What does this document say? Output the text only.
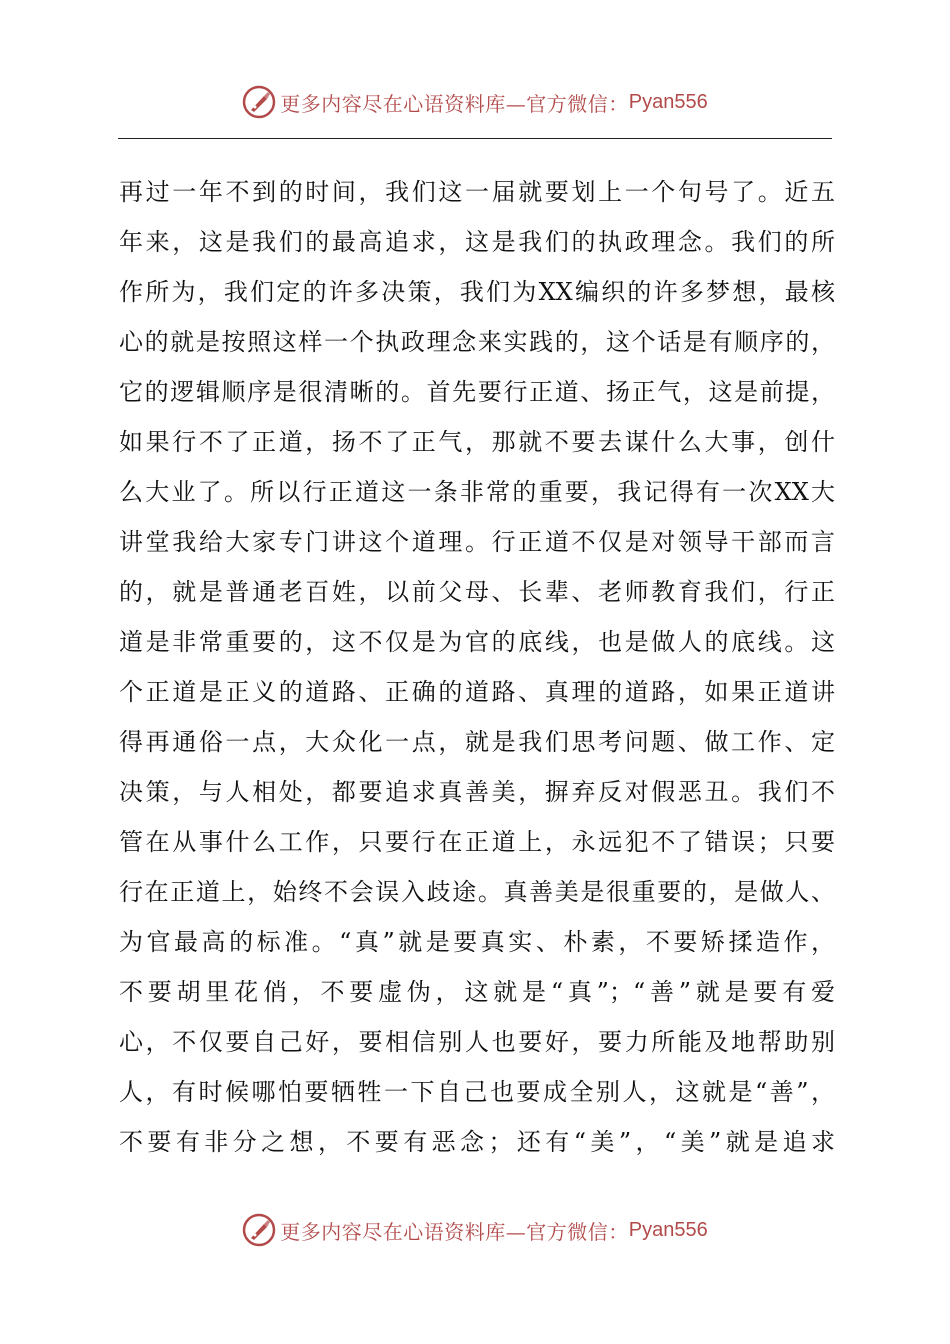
更多内容尽在心语资料库—官方微信： Pyan556
再过一年不到的时间，我们这一届就要划上一个句号了。近五
年来，这是我们的最高追求，这是我们的执政理念。我们的所
作所为，我们定的许多决策，我们为XX编织的许多梦想，最核
心的就是按照这样一个执政理念来实践的，这个话是有顺序的，
它的逻辑顺序是很清晰的。首先要行正道、扬正气，这是前提，
如果行不了正道，扬不了正气，那就不要去谋什么大事，创什
么大业了。所以行正道这一条非常的重要，我记得有一次XX大
讲堂我给大家专门讲这个道理。行正道不仅是对领导干部而言
的，就是普通老百姓，以前父母、长辈、老师教育我们，行正
道是非常重要的，这不仅是为官的底线，也是做人的底线。这
个正道是正义的道路、正确的道路、真理的道路，如果正道讲
得再通俗一点，大众化一点，就是我们思考问题、做工作、定
决策，与人相处，都要追求真善美，摒弃反对假恶丑。我们不
管在从事什么工作，只要行在正道上，永远犯不了错误；只要
行在正道上，始终不会误入歧途。真善美是很重要的，是做人、
为官最高的标准。“真”就是要真实、朴素，不要矫揉造作，
不要胡里花俏，不要虚伪，这就是“真”；“善”就是要有爱
心，不仅要自己好，要相信别人也要好，要力所能及地帮助别
人，有时候哪怕要牺牲一下自己也要成全别人，这就是“善”，
不要有非分之想，不要有恶念；还有“美”，“美”就是追求
更多内容尽在心语资料库—官方微信： Pyan556
